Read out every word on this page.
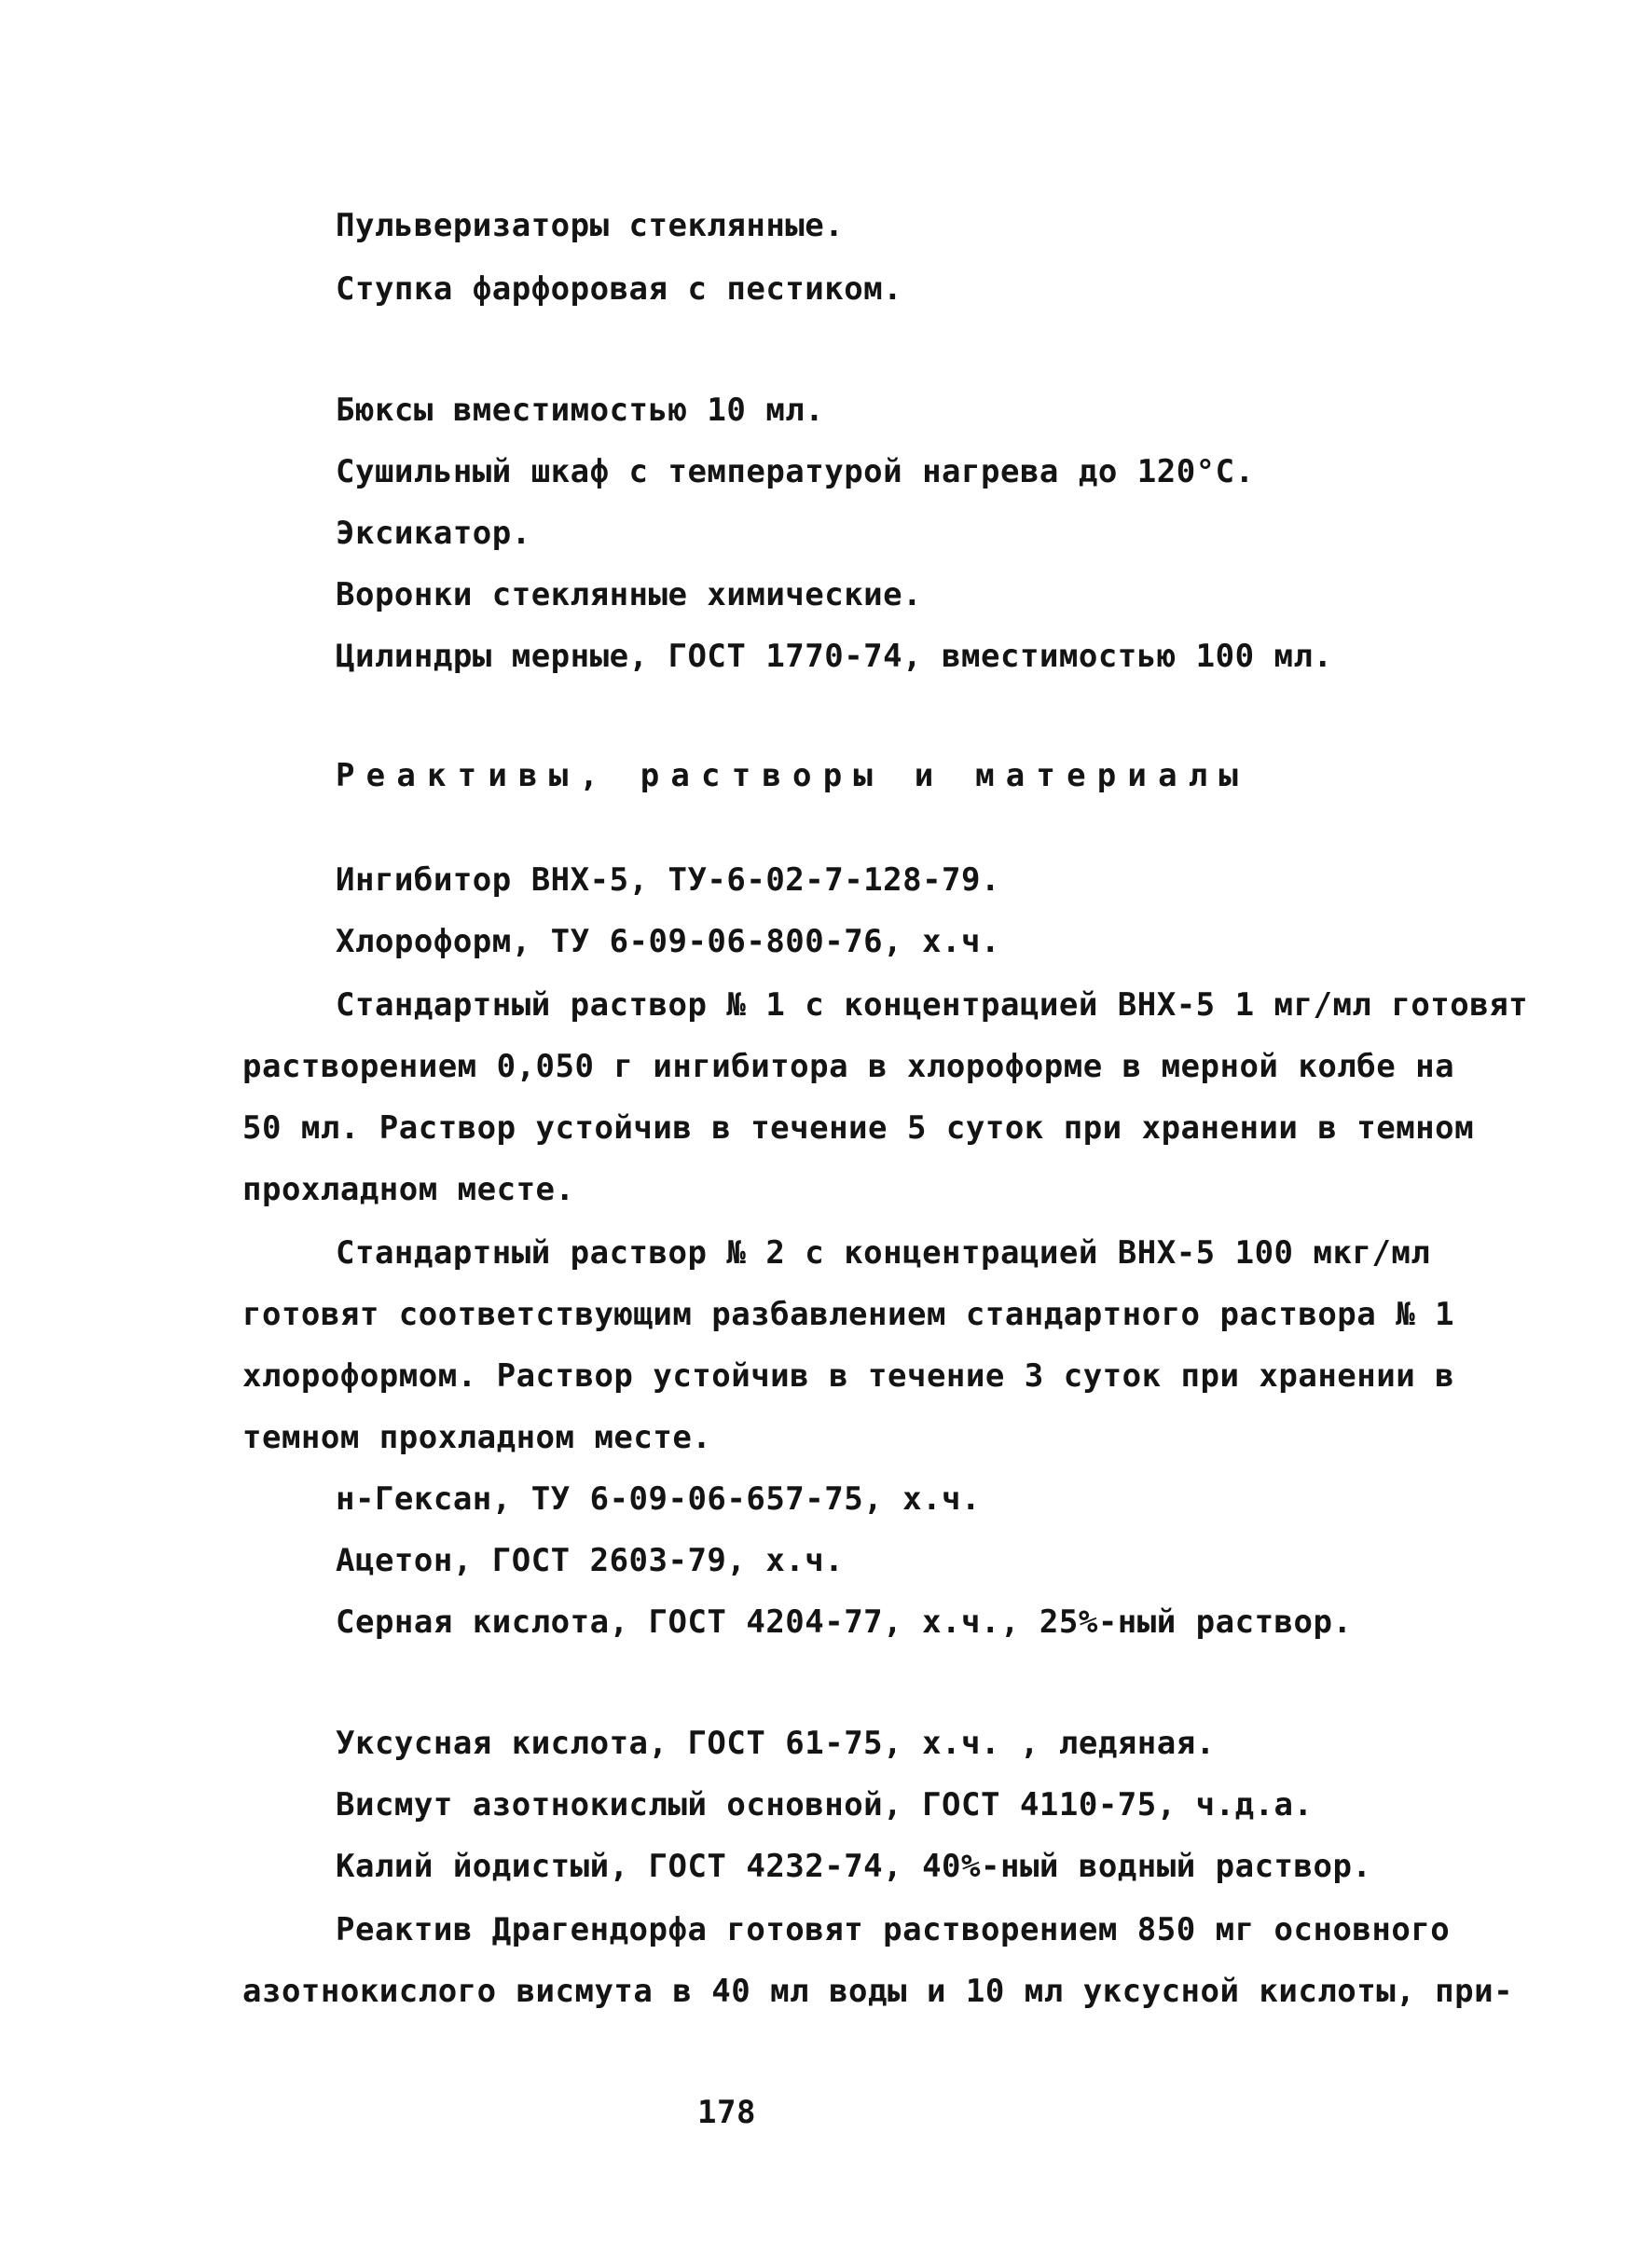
Пульверизаторы стеклянные.
Ступка фарфоровая с пестиком.
Бюксы вместимостью 10 мл.
Сушильный шкаф с температурой нагрева до 120°С.
Эксикатор.
Воронки стеклянные химические.
Цилиндры мерные, ГОСТ 1770-74, вместимостью 100 мл.
Реактивы, растворы и материалы
Ингибитор ВНХ-5, ТУ-6-02-7-128-79.
Хлороформ, ТУ 6-09-06-800-76, х.ч.
Стандартный раствор № 1 с концентрацией ВНХ-5 1 мг/мл готовят
растворением 0,050 г ингибитора в хлороформе в мерной колбе на
50 мл. Раствор устойчив в течение 5 суток при хранении в темном
прохладном месте.
Стандартный раствор № 2 с концентрацией ВНХ-5 100 мкг/мл
готовят соответствующим разбавлением стандартного раствора № 1
хлороформом. Раствор устойчив в течение 3 суток при хранении в
темном прохладном месте.
н-Гексан, ТУ 6-09-06-657-75, х.ч.
Ацетон, ГОСТ 2603-79, х.ч.
Серная кислота, ГОСТ 4204-77, х.ч., 25%-ный раствор.
Уксусная кислота, ГОСТ 61-75, х.ч. , ледяная.
Висмут азотнокислый основной, ГОСТ 4110-75, ч.д.а.
Калий йодистый, ГОСТ 4232-74, 40%-ный водный раствор.
Реактив Драгендорфа готовят растворением 850 мг основного
азотнокислого висмута в 40 мл воды и 10 мл уксусной кислоты, при-
178
